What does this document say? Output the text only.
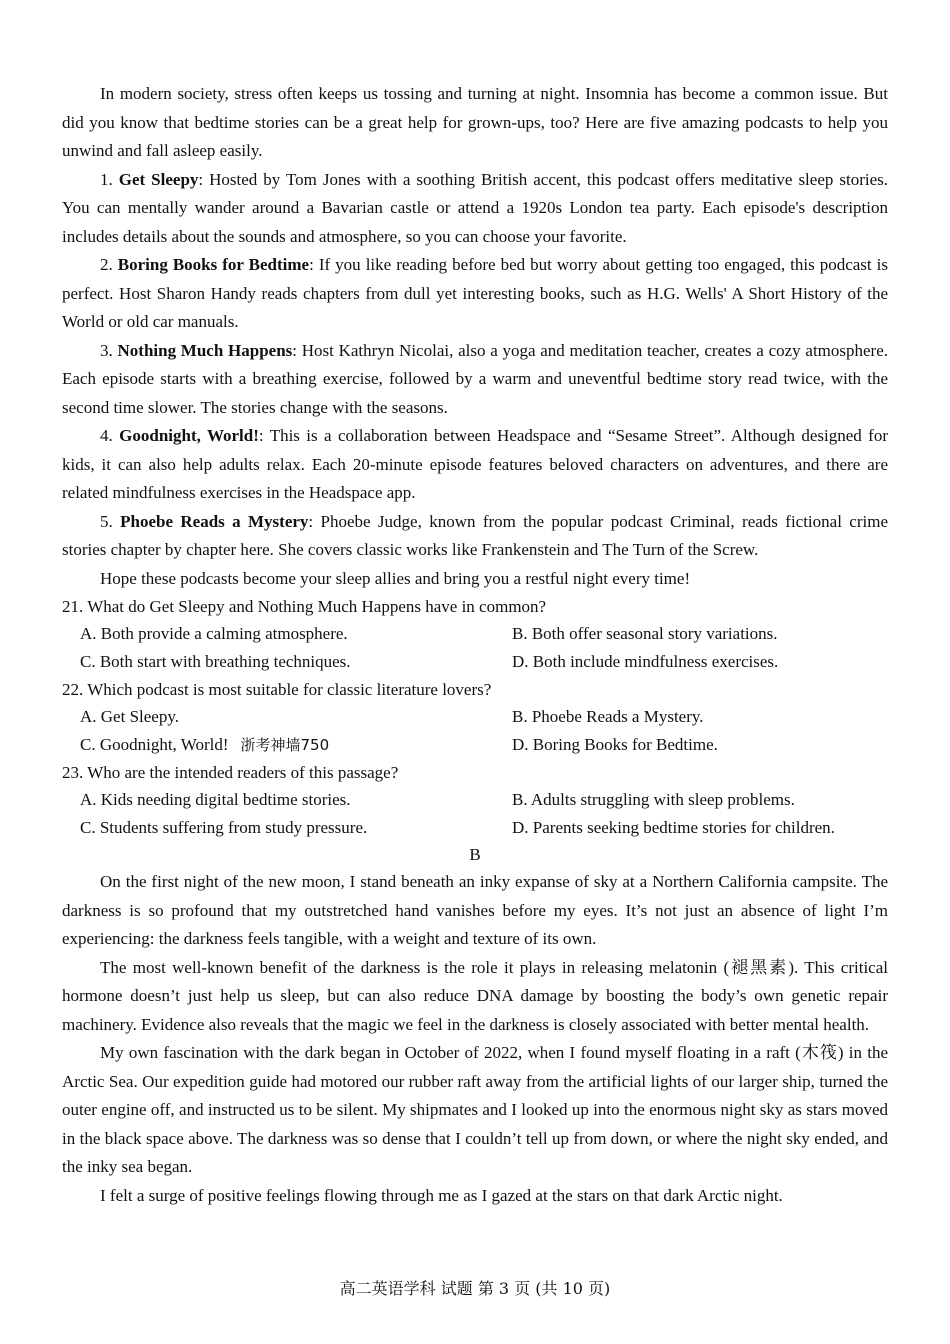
In modern society, stress often keeps us tossing and turning at night. Insomnia has become a common issue. But did you know that bedtime stories can be a great help for grown-ups, too? Here are five amazing podcasts to help you unwind and fall asleep easily.

1. Get Sleepy: Hosted by Tom Jones with a soothing British accent, this podcast offers meditative sleep stories. You can mentally wander around a Bavarian castle or attend a 1920s London tea party. Each episode's description includes details about the sounds and atmosphere, so you can choose your favorite.

2. Boring Books for Bedtime: If you like reading before bed but worry about getting too engaged, this podcast is perfect. Host Sharon Handy reads chapters from dull yet interesting books, such as H.G. Wells' A Short History of the World or old car manuals.

3. Nothing Much Happens: Host Kathryn Nicolai, also a yoga and meditation teacher, creates a cozy atmosphere. Each episode starts with a breathing exercise, followed by a warm and uneventful bedtime story read twice, with the second time slower. The stories change with the seasons.

4. Goodnight, World!: This is a collaboration between Headspace and “Sesame Street”. Although designed for kids, it can also help adults relax. Each 20-minute episode features beloved characters on adventures, and there are related mindfulness exercises in the Headspace app.

5. Phoebe Reads a Mystery: Phoebe Judge, known from the popular podcast Criminal, reads fictional crime stories chapter by chapter here. She covers classic works like Frankenstein and The Turn of the Screw.

Hope these podcasts become your sleep allies and bring you a restful night every time!

21. What do Get Sleepy and Nothing Much Happens have in common?

A. Both provide a calming atmosphere.	B. Both offer seasonal story variations.
C. Both start with breathing techniques.	D. Both include mindfulness exercises.

22. Which podcast is most suitable for classic literature lovers?

A. Get Sleepy.	B. Phoebe Reads a Mystery.
C. Goodnight, World! 浙考神墙750	D. Boring Books for Bedtime.

23. Who are the intended readers of this passage?

A. Kids needing digital bedtime stories.	B. Adults struggling with sleep problems.
C. Students suffering from study pressure.	D. Parents seeking bedtime stories for children.

B

On the first night of the new moon, I stand beneath an inky expanse of sky at a Northern California campsite. The darkness is so profound that my outstretched hand vanishes before my eyes. It’s not just an absence of light I’m experiencing: the darkness feels tangible, with a weight and texture of its own.

The most well-known benefit of the darkness is the role it plays in releasing melatonin (褪黑素). This critical hormone doesn’t just help us sleep, but can also reduce DNA damage by boosting the body’s own genetic repair machinery. Evidence also reveals that the magic we feel in the darkness is closely associated with better mental health.

My own fascination with the dark began in October of 2022, when I found myself floating in a raft (木筏) in the Arctic Sea. Our expedition guide had motored our rubber raft away from the artificial lights of our larger ship, turned the outer engine off, and instructed us to be silent. My shipmates and I looked up into the enormous night sky as stars moved in the black space above. The darkness was so dense that I couldn’t tell up from down, or where the night sky ended, and the inky sea began.

I felt a surge of positive feelings flowing through me as I gazed at the stars on that dark Arctic night.

高二英语学科 试题 第 3 页 (共 10 页)
